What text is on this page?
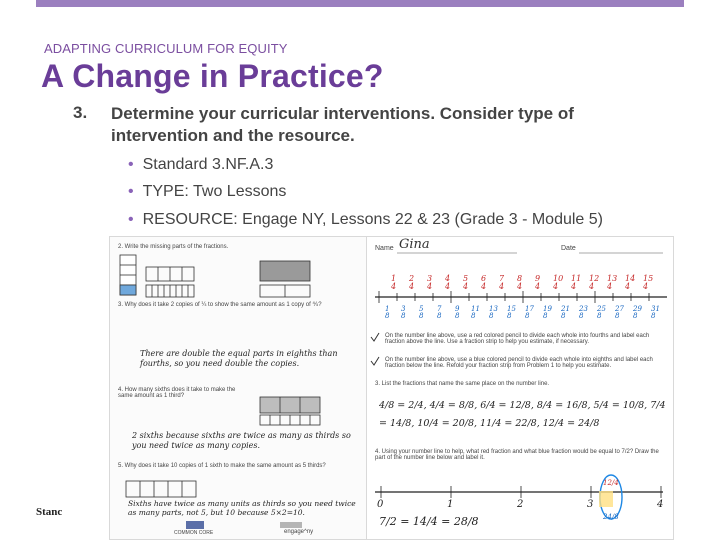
ADAPTING CURRICULUM FOR EQUITY
A Change in Practice?
3. Determine your curricular interventions. Consider type of intervention and the resource.
• Standard 3.NF.A.3
• TYPE: Two Lessons
• RESOURCE: Engage NY, Lessons 22 & 23 (Grade 3 - Module 5)
Stanc
2. Write the missing parts of the fractions.
3. Why does it take 2 copies of ¼ to show the same amount as 1 copy of ⅘?
There are double the equal parts in eighths than fourths, so you need double the copies.
4. How many sixths does it take to make the same amount as 1 third?
2 sixths because sixths are twice as many as thirds so you need twice as many copies.
5. Why does it take 10 copies of 1 sixth to make the same amount as 5 thirds?
Sixths have twice as many units as thirds so you need twice as many parts, not 5, but 10 because 5×2=10.
COMMON CORE	engage^ny
1
4
2
4
3
4
4
4
5
4
6
4
7
4
8
4
9
4
10
4
11
4
12
4
13
4
14
4
15
4
1
8
3
8
5
8
7
8
9
8
11
8
13
8
15
8
17
8
19
8
21
8
23
8
25
8
27
8
29
8
31
8
Name Gina	Date
On the number line above, use a red colored pencil to divide each whole into fourths and label each fraction above the line. Use a fraction strip to help you estimate, if necessary.
On the number line above, use a blue colored pencil to divide each whole into eighths and label each fraction below the line. Refold your fraction strip from Problem 1 to help you estimate.
3. List the fractions that name the same place on the number line.
4/8 = 2/4, 4/4 = 8/8, 6/4 = 12/8, 8/4 = 16/8, 5/4 = 10/8, 7/4 = 14/8, 10/4 = 20/8, 11/4 = 22/8, 12/4 = 24/8
4. Using your number line to help, what red fraction and what blue fraction would be equal to 7/2? Draw the part of the number line below and label it.
0	1	2	3	4
12/4
24/8
7/2 = 14/4 = 28/8
